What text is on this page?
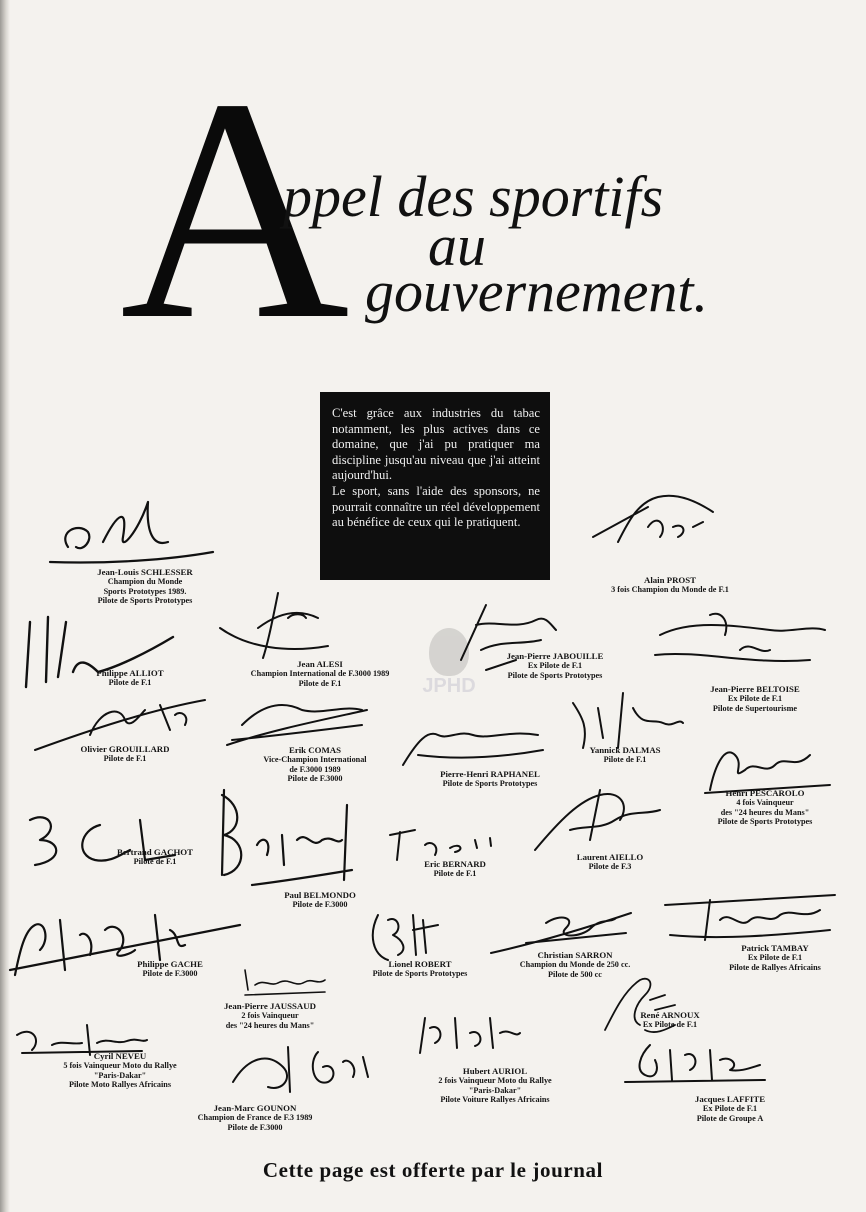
A
ppel des sportifs
au
gouvernement.

C'est grâce aux industries du tabac notamment, les plus actives dans ce domaine, que j'ai pu pratiquer ma discipline jusqu'au niveau que j'ai atteint aujourd'hui.

Le sport, sans l'aide des sponsors, ne pourrait connaître un réel développement au bénéfice de ceux qui le pratiquent.

JPHD
Jean-Louis SCHLESSER
Champion du Monde
Sports Prototypes 1989.
Pilote de Sports Prototypes
Alain PROST
3 fois Champion du Monde de F.1
Philippe ALLIOT
Pilote de F.1
Jean ALESI
Champion International de F.3000 1989
Pilote de F.1
Jean-Pierre JABOUILLE
Ex Pilote de F.1
Pilote de Sports Prototypes
Jean-Pierre BELTOISE
Ex Pilote de F.1
Pilote de Supertourisme
Olivier GROUILLARD
Pilote de F.1
Erik COMAS
Vice-Champion International
de F.3000 1989
Pilote de F.3000	Pierre-Henri RAPHANEL
Pilote de Sports Prototypes
Yannick DALMAS
Pilote de F.1
Henri PESCAROLO
4 fois Vainqueur
des "24 heures du Mans"
Pilote de Sports Prototypes
Bertrand GACHOT
Pilote de F.1
Paul BELMONDO
Pilote de F.3000
Eric BERNARD
Pilote de F.1
Laurent AIELLO
Pilote de F.3
Philippe GACHE
Pilote de F.3000
Lionel ROBERT
Pilote de Sports Prototypes
Christian SARRON
Champion du Monde de 250 cc.
Pilote de 500 cc
Patrick TAMBAY
Ex Pilote de F.1
Pilote de Rallyes Africains
Jean-Pierre JAUSSAUD
2 fois Vainqueur
des "24 heures du Mans"
René ARNOUX
Ex Pilote de F.1
Cyril NEVEU
5 fois Vainqueur Moto du Rallye
"Paris-Dakar"
Pilote Moto Rallyes Africains
Hubert AURIOL
2 fois Vainqueur Moto du Rallye
"Paris-Dakar"
Pilote Voiture Rallyes Africains	Jacques LAFFITE
Ex Pilote de F.1
Pilote de Groupe A
Jean-Marc GOUNON
Champion de France de F.3 1989
Pilote de F.3000
Cette page est offerte par le journal
